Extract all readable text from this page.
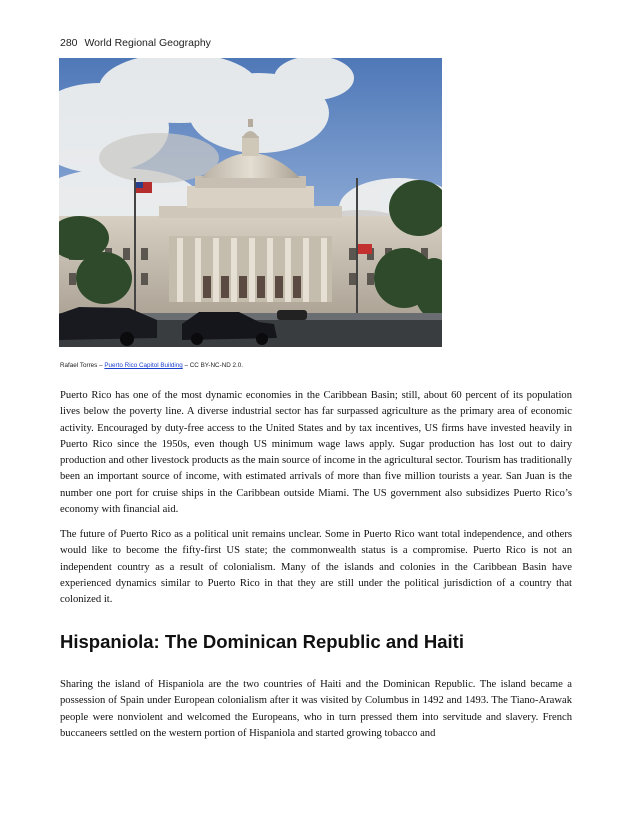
280 World Regional Geography
Rafael Torres – Puerto Rico Capitol Building – CC BY-NC-ND 2.0.

Puerto Rico has one of the most dynamic economies in the Caribbean Basin; still, about 60 percent of its population lives below the poverty line. A diverse industrial sector has far surpassed agriculture as the primary area of economic activity. Encouraged by duty-free access to the United States and by tax incentives, US firms have invested heavily in Puerto Rico since the 1950s, even though US minimum wage laws apply. Sugar production has lost out to dairy production and other livestock products as the main source of income in the agricultural sector. Tourism has traditionally been an important source of income, with estimated arrivals of more than five million tourists a year. San Juan is the number one port for cruise ships in the Caribbean outside Miami. The US government also subsidizes Puerto Rico’s economy with financial aid.

The future of Puerto Rico as a political unit remains unclear. Some in Puerto Rico want total independence, and others would like to become the fifty-first US state; the commonwealth status is a compromise. Puerto Rico is not an independent country as a result of colonialism. Many of the islands and colonies in the Caribbean Basin have experienced dynamics similar to Puerto Rico in that they are still under the political jurisdiction of a country that colonized it.

Hispaniola: The Dominican Republic and Haiti

Sharing the island of Hispaniola are the two countries of Haiti and the Dominican Republic. The island became a possession of Spain under European colonialism after it was visited by Columbus in 1492 and 1493. The Tiano-Arawak people were nonviolent and welcomed the Europeans, who in turn pressed them into servitude and slavery. French buccaneers settled on the western portion of Hispaniola and started growing tobacco and
